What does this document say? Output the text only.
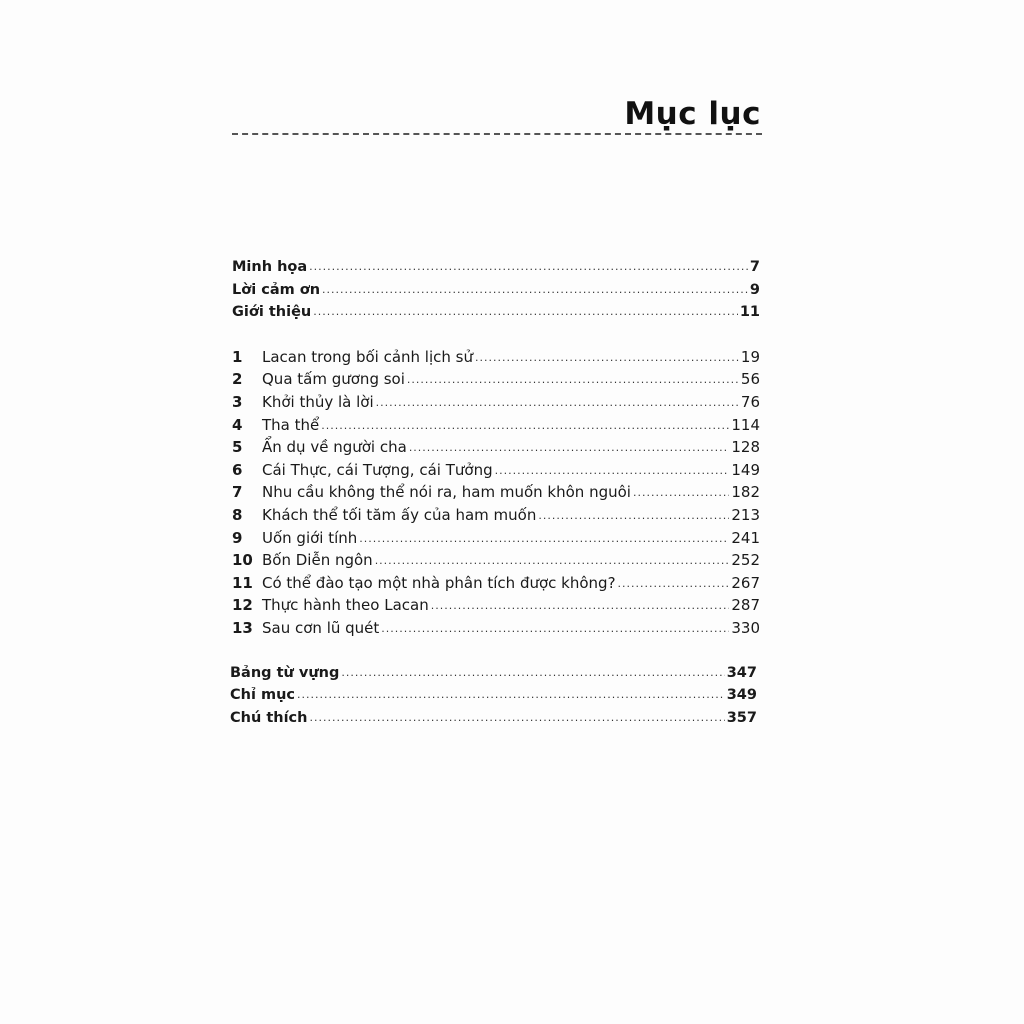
Mục lục
Minh họa .....	7
Lời cảm ơn .....	9
Giới thiệu .....	11
1	Lacan trong bối cảnh lịch sử .....	19
2	Qua tấm gương soi .....	56
3	Khởi thủy là lời .....	76
4	Tha thể .....	114
5	Ẩn dụ về người cha .....	128
6	Cái Thực, cái Tượng, cái Tưởng .....	149
7	Nhu cầu không thể nói ra, ham muốn khôn nguôi .....	182
8	Khách thể tối tăm ấy của ham muốn .....	213
9	Uốn giới tính .....	241
10 Bốn Diễn ngôn .....	252
11 Có thể đào tạo một nhà phân tích được không? .....	267
12 Thực hành theo Lacan .....	287
13 Sau cơn lũ quét .....	330
Bảng từ vựng .....	347
Chỉ mục .....	349
Chú thích .....	357
